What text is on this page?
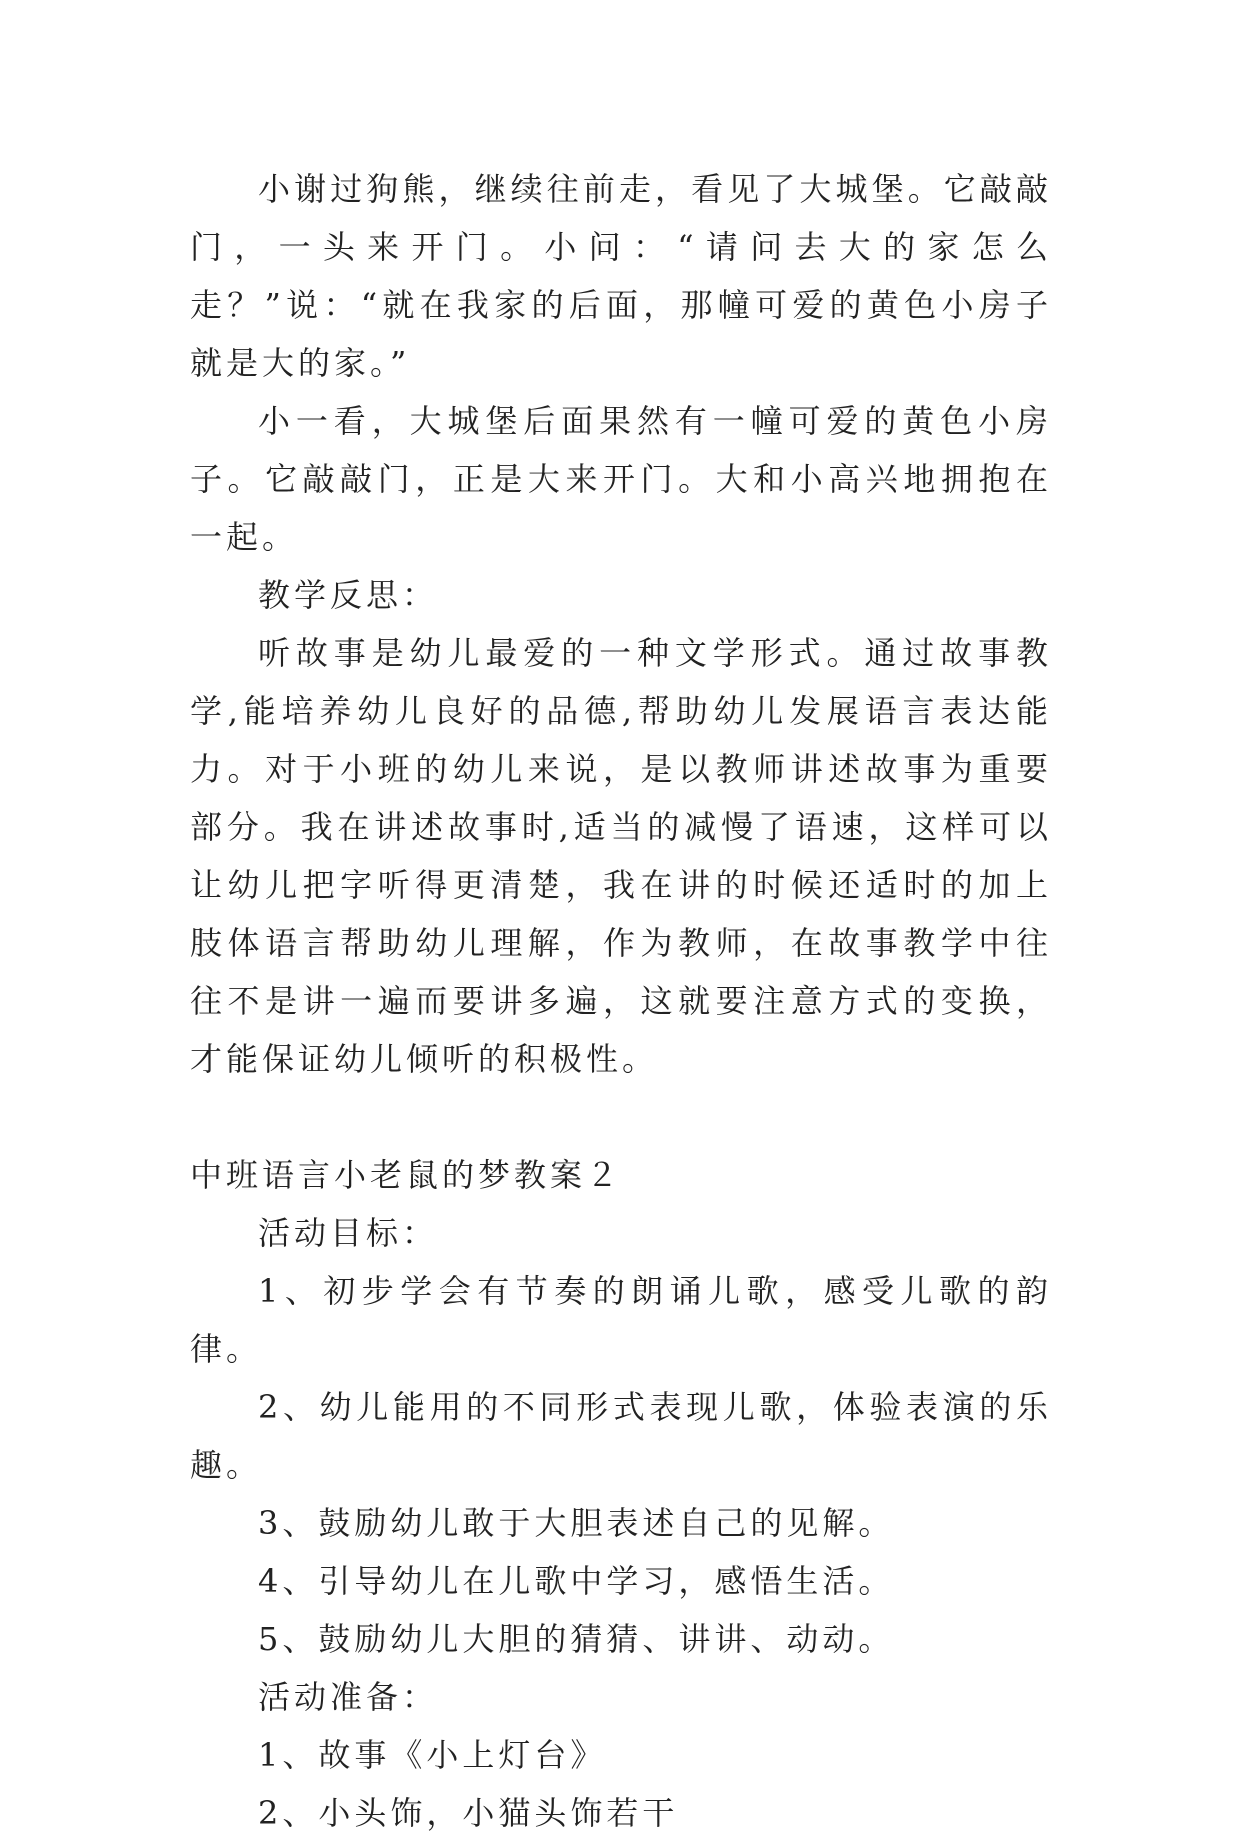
小谢过狗熊，继续往前走，看见了大城堡。它敲敲门，一头来开门。小问：“请问去大的家怎么走？”说：“就在我家的后面，那幢可爱的黄色小房子就是大的家。”

小一看，大城堡后面果然有一幢可爱的黄色小房子。它敲敲门，正是大来开门。大和小高兴地拥抱在一起。

教学反思：

听故事是幼儿最爱的一种文学形式。通过故事教学,能培养幼儿良好的品德,帮助幼儿发展语言表达能力。对于小班的幼儿来说，是以教师讲述故事为重要部分。我在讲述故事时,适当的减慢了语速，这样可以让幼儿把字听得更清楚，我在讲的时候还适时的加上肢体语言帮助幼儿理解，作为教师，在故事教学中往往不是讲一遍而要讲多遍，这就要注意方式的变换，才能保证幼儿倾听的积极性。

中班语言小老鼠的梦教案２

活动目标：

1、初步学会有节奏的朗诵儿歌，感受儿歌的韵律。

2、幼儿能用的不同形式表现儿歌，体验表演的乐趣。

3、鼓励幼儿敢于大胆表述自己的见解。

4、引导幼儿在儿歌中学习，感悟生活。

5、鼓励幼儿大胆的猜猜、讲讲、动动。

活动准备：

1、故事《小上灯台》

2、小头饰，小猫头饰若干
